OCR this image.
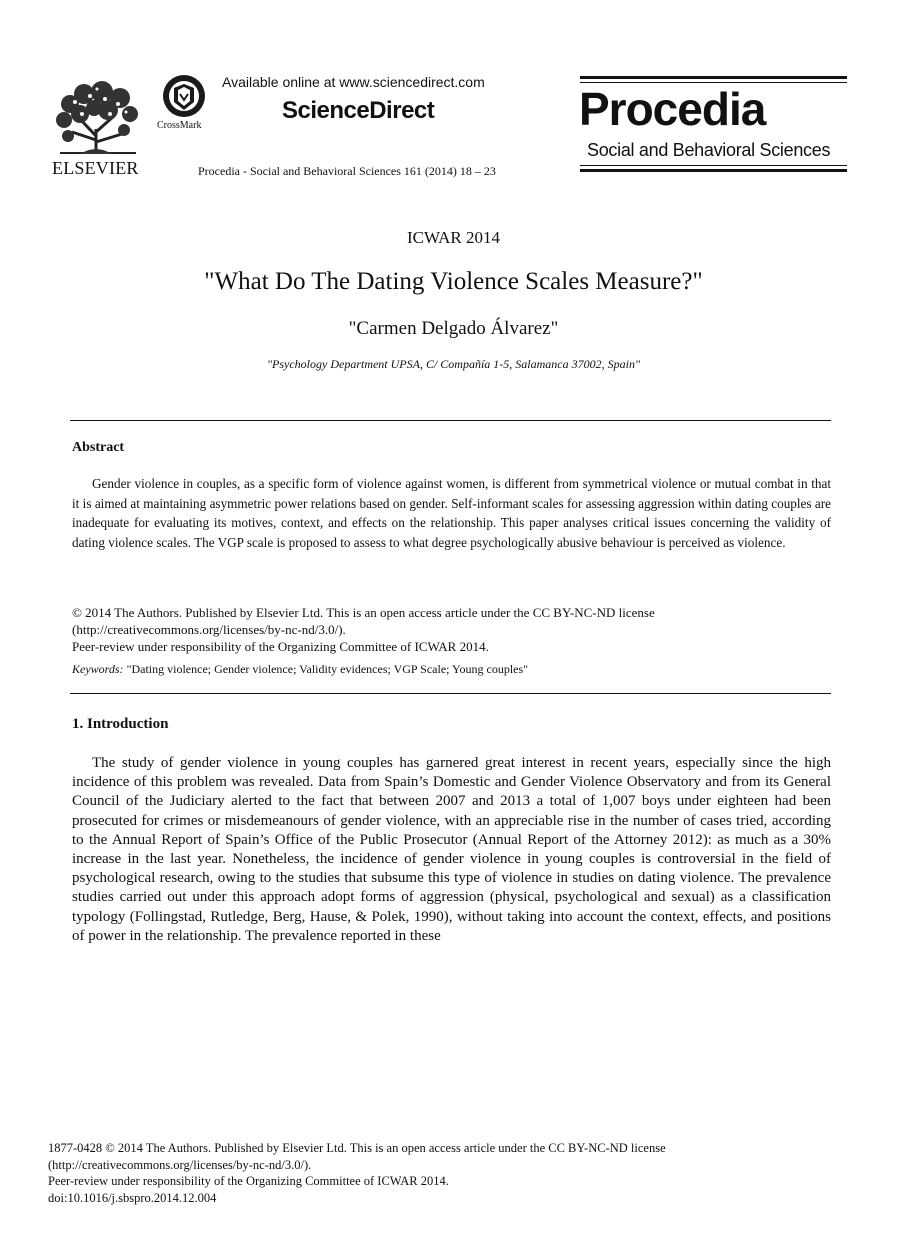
ELSEVIER
CrossMark
Available online at www.sciencedirect.com
ScienceDirect
Procedia - Social and Behavioral Sciences 161 (2014) 18 – 23
Procedia
Social and Behavioral Sciences
ICWAR 2014
"What Do The Dating Violence Scales Measure?"
"Carmen Delgado Álvarez"
"Psychology Department UPSA, C/ Compañía 1-5, Salamanca 37002, Spain"
Abstract

Gender violence in couples, as a specific form of violence against women, is different from symmetrical violence or mutual combat in that it is aimed at maintaining asymmetric power relations based on gender. Self-informant scales for assessing aggression within dating couples are inadequate for evaluating its motives, context, and effects on the relationship. This paper analyses critical issues concerning the validity of dating violence scales. The VGP scale is proposed to assess to what degree psychologically abusive behaviour is perceived as violence.

© 2014 The Authors. Published by Elsevier Ltd. This is an open access article under the CC BY-NC-ND license
(http://creativecommons.org/licenses/by-nc-nd/3.0/).
Peer-review under responsibility of the Organizing Committee of ICWAR 2014.
Keywords: "Dating violence; Gender violence; Validity evidences; VGP Scale; Young couples"
1. Introduction

The study of gender violence in young couples has garnered great interest in recent years, especially since the high incidence of this problem was revealed. Data from Spain’s Domestic and Gender Violence Observatory and from its General Council of the Judiciary alerted to the fact that between 2007 and 2013 a total of 1,007 boys under eighteen had been prosecuted for crimes or misdemeanours of gender violence, with an appreciable rise in the number of cases tried, according to the Annual Report of Spain’s Office of the Public Prosecutor (Annual Report of the Attorney 2012): as much as a 30% increase in the last year. Nonetheless, the incidence of gender violence in young couples is controversial in the field of psychological research, owing to the studies that subsume this type of violence in studies on dating violence. The prevalence studies carried out under this approach adopt forms of aggression (physical, psychological and sexual) as a classification typology (Follingstad, Rutledge, Berg, Hause, & Polek, 1990), without taking into account the context, effects, and positions of power in the relationship. The prevalence reported in these

1877-0428 © 2014 The Authors. Published by Elsevier Ltd. This is an open access article under the CC BY-NC-ND license
(http://creativecommons.org/licenses/by-nc-nd/3.0/).
Peer-review under responsibility of the Organizing Committee of ICWAR 2014.
doi:10.1016/j.sbspro.2014.12.004
